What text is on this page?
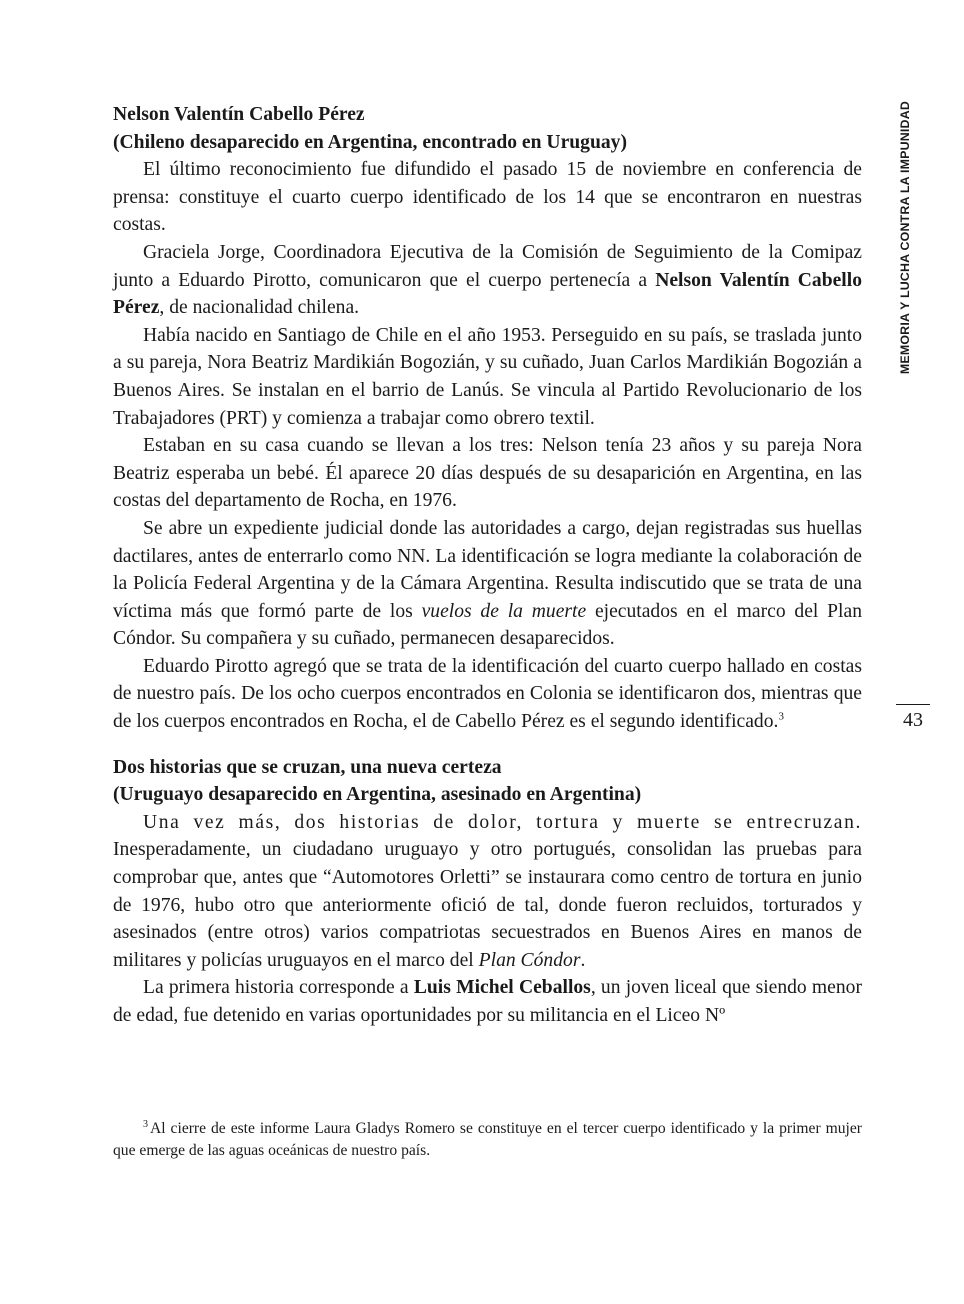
MEMORIA Y LUCHA CONTRA LA IMPUNIDAD
43

Nelson Valentín Cabello Pérez
(Chileno desaparecido en Argentina, encontrado en Uruguay)

El último reconocimiento fue difundido el pasado 15 de noviembre en conferencia de prensa: constituye el cuarto cuerpo identificado de los 14 que se encontraron en nuestras costas.

Graciela Jorge, Coordinadora Ejecutiva de la Comisión de Seguimiento de la Comipaz junto a Eduardo Pirotto, comunicaron que el cuerpo pertenecía a Nelson Valentín Cabello Pérez, de nacionalidad chilena.

Había nacido en Santiago de Chile en el año 1953. Perseguido en su país, se traslada junto a su pareja, Nora Beatriz Mardikián Bogozián, y su cuñado, Juan Carlos Mardikián Bogozián a Buenos Aires. Se instalan en el barrio de Lanús. Se vincula al Partido Revolucionario de los Trabajadores (PRT) y comienza a trabajar como obrero textil.

Estaban en su casa cuando se llevan a los tres: Nelson tenía 23 años y su pareja Nora Beatriz esperaba un bebé. Él aparece 20 días después de su desaparición en Argentina, en las costas del departamento de Rocha, en 1976.

Se abre un expediente judicial donde las autoridades a cargo, dejan registradas sus huellas dactilares, antes de enterrarlo como NN. La identificación se logra mediante la colaboración de la Policía Federal Argentina y de la Cámara Argentina. Resulta indiscutido que se trata de una víctima más que formó parte de los vuelos de la muerte ejecutados en el marco del Plan Cóndor. Su compañera y su cuñado, permanecen desaparecidos.

Eduardo Pirotto agregó que se trata de la identificación del cuarto cuerpo hallado en costas de nuestro país. De los ocho cuerpos encontrados en Colonia se identificaron dos, mientras que de los cuerpos encontrados en Rocha, el de Cabello Pérez es el segundo identificado.$^3$

Dos historias que se cruzan, una nueva certeza
(Uruguayo desaparecido en Argentina, asesinado en Argentina)

Una vez más, dos historias de dolor, tortura y muerte se entrecruzan. Inesperadamente, un ciudadano uruguayo y otro portugués, consolidan las pruebas para comprobar que, antes que “Automotores Orletti” se instaurara como centro de tortura en junio de 1976, hubo otro que anteriormente ofició de tal, donde fueron recluidos, torturados y asesinados (entre otros) varios compatriotas secuestrados en Buenos Aires en manos de militares y policías uruguayos en el marco del Plan Cóndor.

La primera historia corresponde a Luis Michel Ceballos, un joven liceal que siendo menor de edad, fue detenido en varias oportunidades por su militancia en el Liceo Nº

$^3$ Al cierre de este informe Laura Gladys Romero se constituye en el tercer cuerpo identificado y la primer mujer que emerge de las aguas oceánicas de nuestro país.
